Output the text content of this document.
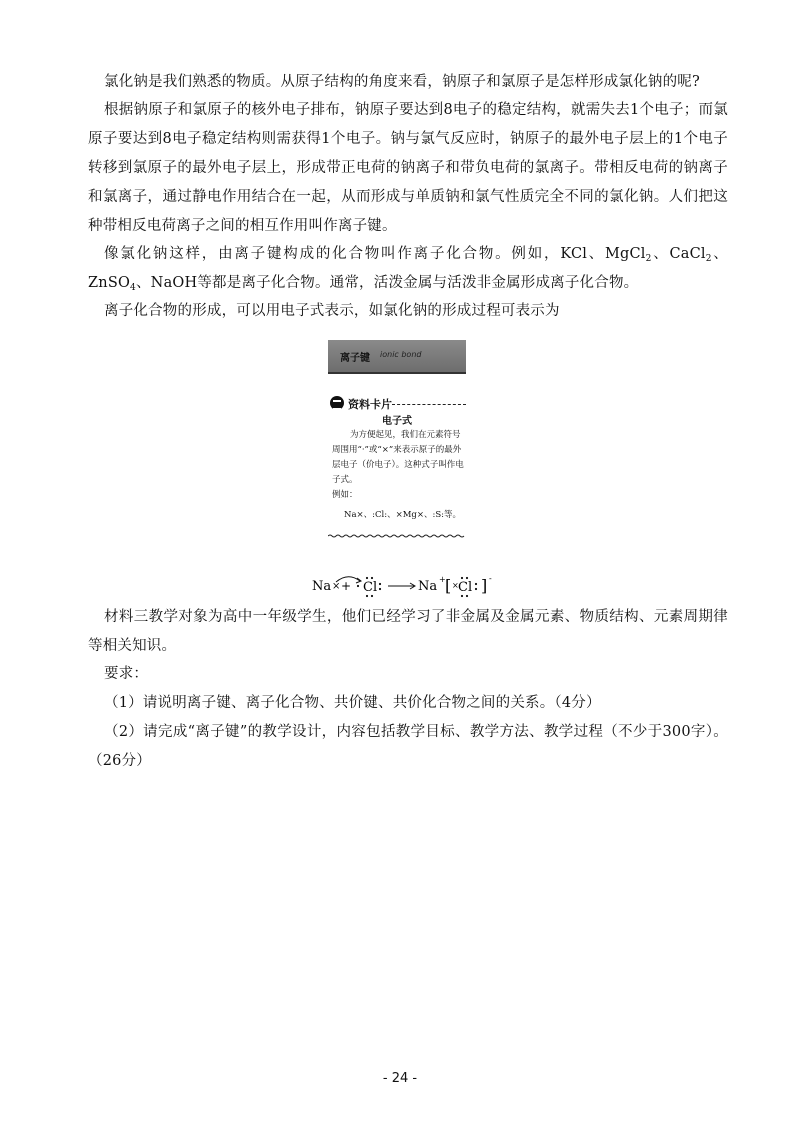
氯化钠是我们熟悉的物质。从原子结构的角度来看，钠原子和氯原子是怎样形成氯化钠的呢?

根据钠原子和氯原子的核外电子排布，钠原子要达到8电子的稳定结构，就需失去1个电子；而氯原子要达到8电子稳定结构则需获得1个电子。钠与氯气反应时，钠原子的最外电子层上的1个电子转移到氯原子的最外电子层上，形成带正电荷的钠离子和带负电荷的氯离子。带相反电荷的钠离子和氯离子，通过静电作用结合在一起，从而形成与单质钠和氯气性质完全不同的氯化钠。人们把这种带相反电荷离子之间的相互作用叫作离子键。

像氯化钠这样，由离子键构成的化合物叫作离子化合物。例如，KCl、MgCl$_2$、CaCl$_2$、ZnSO$_4$、NaOH等都是离子化合物。通常，活泼金属与活泼非金属形成离子化合物。

离子化合物的形成，可以用电子式表示，如氯化钠的形成过程可表示为

离子键 ionic bond
资料卡片
电子式

为方便起见，我们在元素符号周围用“·”或“×”来表示原子的最外层电子（价电子）。这种式子叫作电子式。

例如：
Na×、:Cl:、×Mg×、:S:等。
Na × + Cl	Na + [ × Cl ] -

材料三教学对象为高中一年级学生，他们已经学习了非金属及金属元素、物质结构、元素周期律等相关知识。

要求：

（1）请说明离子键、离子化合物、共价键、共价化合物之间的关系。（4分）

（2）请完成“离子键”的教学设计，内容包括教学目标、教学方法、教学过程（不少于300字）。（26分）

- 24 -
